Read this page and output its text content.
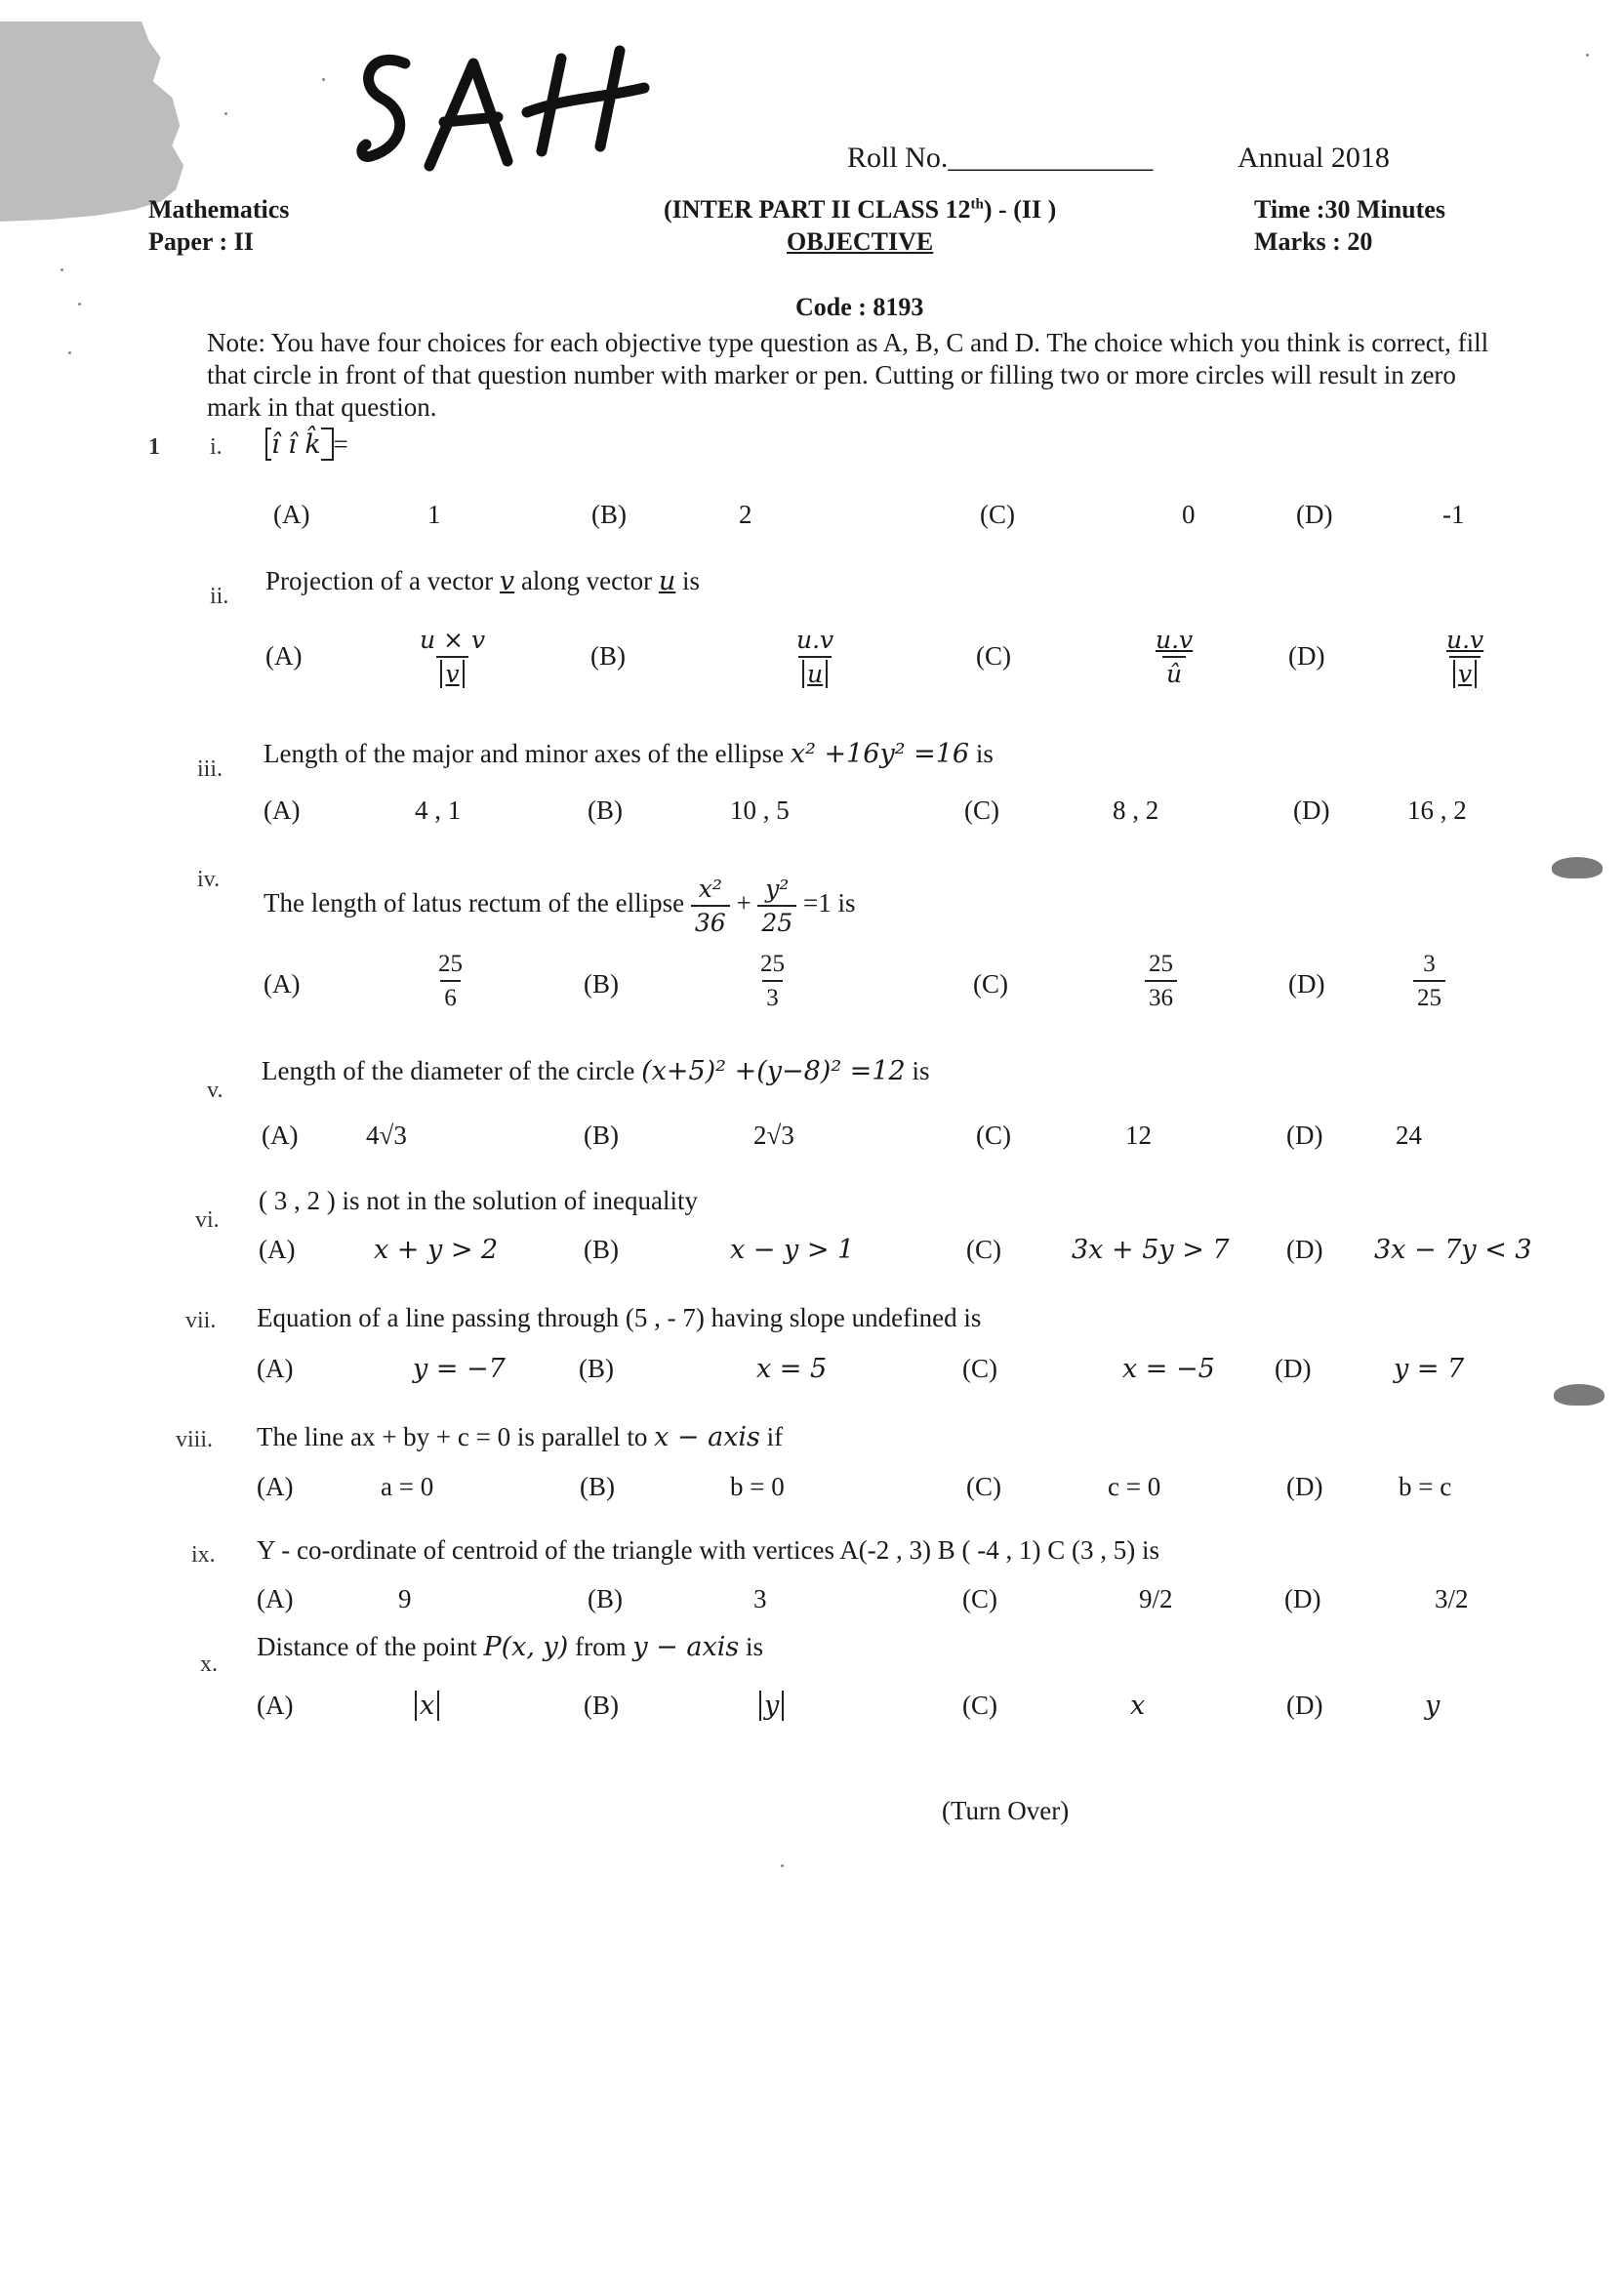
Roll No.______________	Annual 2018
Mathematics
Paper : II
(INTER PART II CLASS 12th) - (II )
OBJECTIVE
Time :30 Minutes
Marks : 20
Code : 8193
Note: You have four choices for each objective type question as A, B, C and D. The choice which you think is correct, fill that circle in front of that question number with marker or pen. Cutting or filling two or more circles will result in zero mark in that question.
1 i. î î k̂ =
(A)	1	(B)	2	(C)	0	(D)	-1
ii.
Projection of a vector v along vector u is
(A)	$\frac{u \times v}{v}$	(B)	$\frac{u.v}{u}$	(C)	$\frac{u.v}{û}$	(D)	$\frac{u.v}{v}$
iii.
Length of the major and minor axes of the ellipse x² +16y² =16 is
(A)	4 , 1	(B)	10 , 5	(C)	8 , 2	(D)	16 , 2
iv.
The length of latus rectum of the ellipse $\frac{\text{x²}}{36} + \frac{\text{y²}}{25} =1$ is
(A)	$\frac{25}{6}$	(B)	$\frac{25}{3}$	(C)	$\frac{25}{36}$	(D)	$\frac{3}{25}$
v.
Length of the diameter of the circle (x+5)² +(y−8)² =12 is
(A)	4√3	(B)	2√3	(C)	12	(D)	24
vi.
( 3 , 2 ) is not in the solution of inequality
(A)	x + y > 2	(B)	x − y > 1	(C)	3x + 5y > 7 (D) 3x − 7y < 3
vii. Equation of a line passing through (5 , - 7) having slope undefined is
(A)	y = −7	(B)	x = 5	(C)	x = −5 (D)	y = 7
viii. The line ax + by + c = 0 is parallel to x − axis if
(A)	a = 0	(B)	b = 0	(C)	c = 0	(D)	b = c
ix. Y - co-ordinate of centroid of the triangle with vertices A(-2 , 3) B ( -4 , 1) C (3 , 5) is
(A)	9	(B)	3	(C)	9/2	(D)	3/2
x.
Distance of the point P(x, y) from y − axis is
(A)	x	(B)	y	(C)	x	(D)	y
(Turn Over)
